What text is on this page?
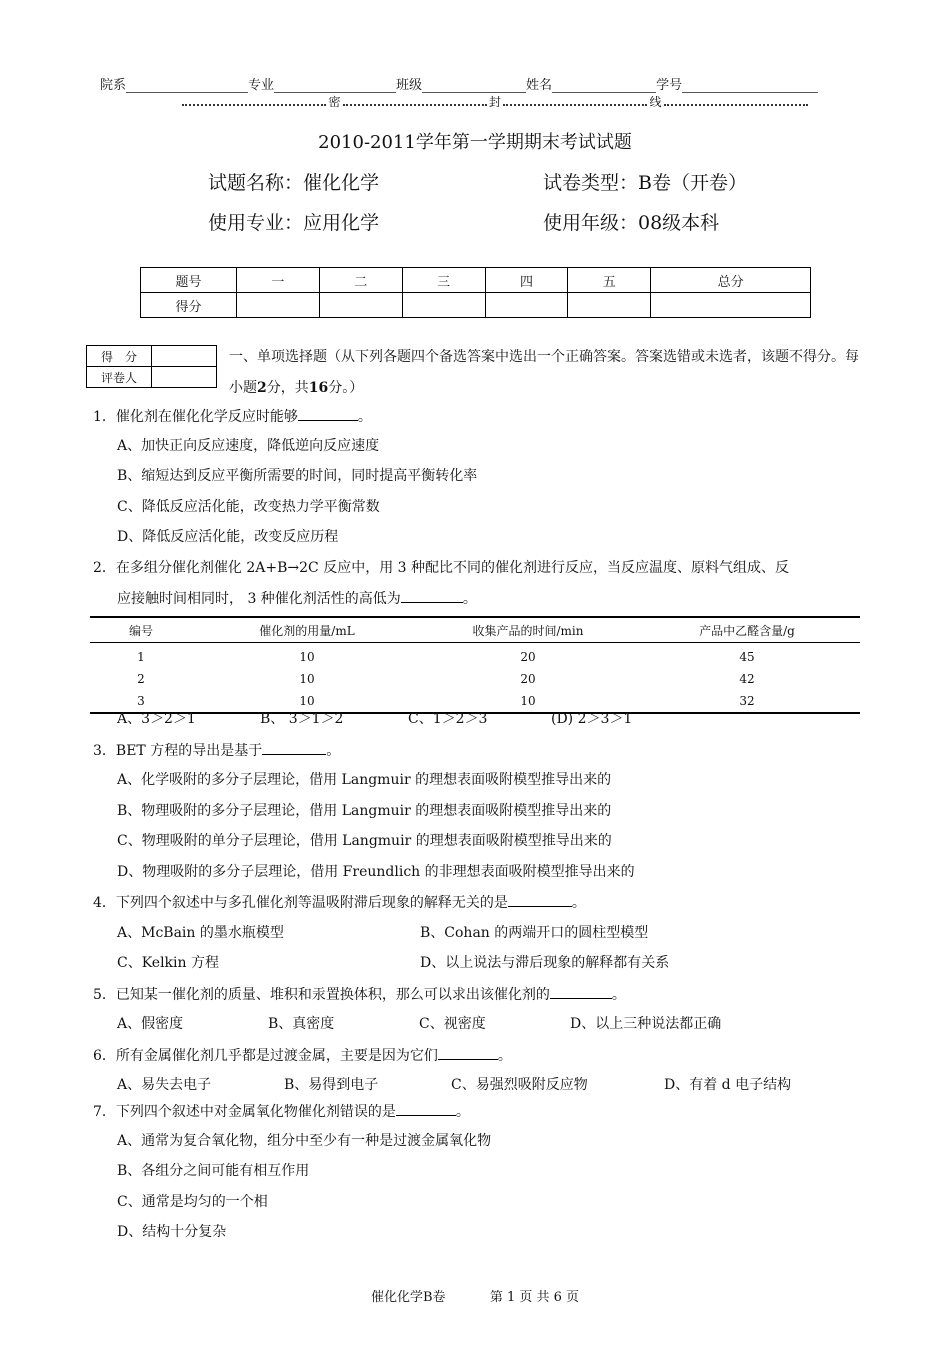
院系	专业	班级	姓名	学号
密	封	线
2010-2011学年第一学期期末考试试题
试题名称：催化化学	试卷类型：B卷（开卷）
使用专业：应用化学	使用年级：08级本科
题号	一	二	三	四	五	总分
得分						
得　分	
评卷人	
一、单项选择题（从下列各题四个备选答案中选出一个正确答案。答案选错或未选者，该题不得分。每小题2分，共16分。）
1．催化剂在催化化学反应时能够	。
A、加快正向反应速度，降低逆向反应速度
B、缩短达到反应平衡所需要的时间，同时提高平衡转化率
C、降低反应活化能，改变热力学平衡常数
D、降低反应活化能，改变反应历程
2．在多组分催化剂催化 2A+B→2C 反应中，用 3 种配比不同的催化剂进行反应，当反应温度、原料气组成、反
应接触时间相同时， 3 种催化剂活性的高低为	。
编号	催化剂的用量/mL	收集产品的时间/min	产品中乙醛含量/g
1	10	20	45
2	10	20	42
3	10	10	32
A、3＞2＞1	B、 3＞1＞2	C、1＞2＞3	(D) 2＞3＞1
3．BET 方程的导出是基于	。
A、化学吸附的多分子层理论，借用 Langmuir 的理想表面吸附模型推导出来的
B、物理吸附的多分子层理论，借用 Langmuir 的理想表面吸附模型推导出来的
C、物理吸附的单分子层理论，借用 Langmuir 的理想表面吸附模型推导出来的
D、物理吸附的多分子层理论，借用 Freundlich 的非理想表面吸附模型推导出来的
4．下列四个叙述中与多孔催化剂等温吸附滞后现象的解释无关的是	。
A、McBain 的墨水瓶模型	B、Cohan 的两端开口的圆柱型模型
C、Kelkin 方程	D、以上说法与滞后现象的解释都有关系
5．已知某一催化剂的质量、堆积和汞置换体积，那么可以求出该催化剂的	。
A、假密度	B、真密度	C、视密度	D、以上三种说法都正确
6．所有金属催化剂几乎都是过渡金属，主要是因为它们	。
A、易失去电子	B、易得到电子	C、易强烈吸附反应物	D、有着 d 电子结构
7．下列四个叙述中对金属氧化物催化剂错误的是	。
A、通常为复合氧化物，组分中至少有一种是过渡金属氧化物
B、各组分之间可能有相互作用
C、通常是均匀的一个相
D、结构十分复杂
催化化学B卷	第 1 页 共 6 页
